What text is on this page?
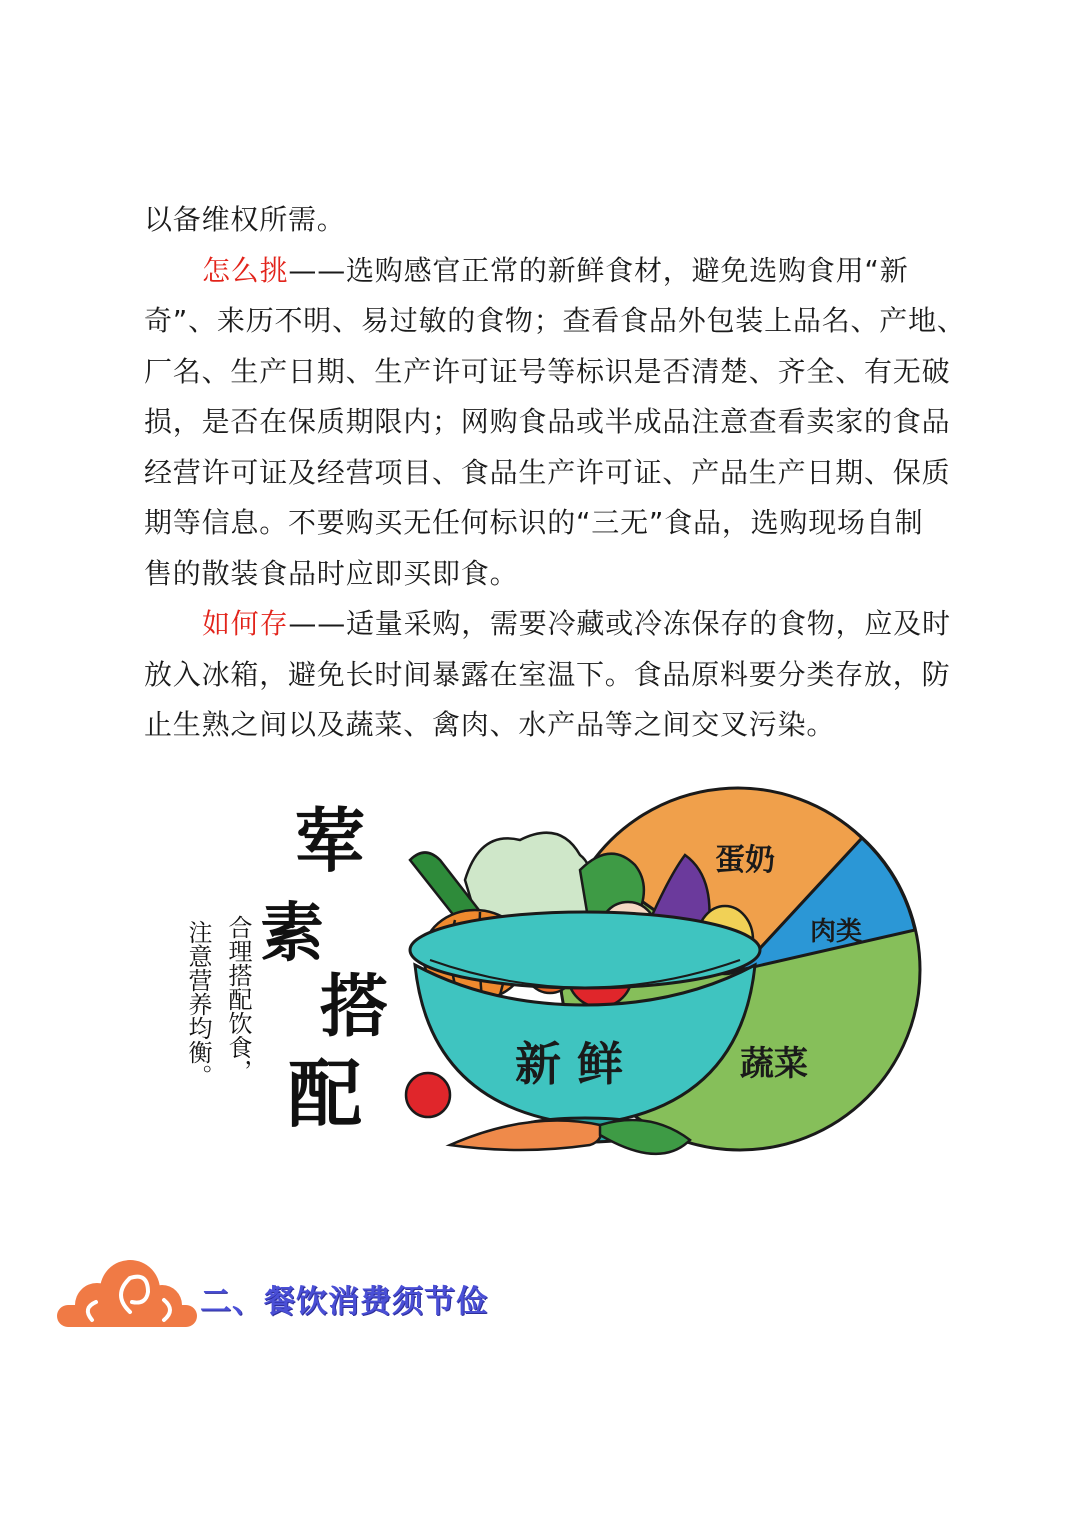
以备维权所需。
怎么挑——选购感官正常的新鲜食材，避免选购食用“新
奇”、来历不明、易过敏的食物；查看食品外包装上品名、产地、
厂名、生产日期、生产许可证号等标识是否清楚、齐全、有无破
损，是否在保质期限内；网购食品或半成品注意查看卖家的食品
经营许可证及经营项目、食品生产许可证、产品生产日期、保质
期等信息。不要购买无任何标识的“三无”食品，选购现场自制
售的散装食品时应即买即食。
如何存——适量采购，需要冷藏或冷冻保存的食物，应及时
放入冰箱，避免长时间暴露在室温下。食品原料要分类存放，防
止生熟之间以及蔬菜、禽肉、水产品等之间交叉污染。
蛋奶
肉类
蔬菜
新 鲜
荤
素
搭
配
合理搭配饮食，
注意营养均衡。
二、餐饮消费须节俭
